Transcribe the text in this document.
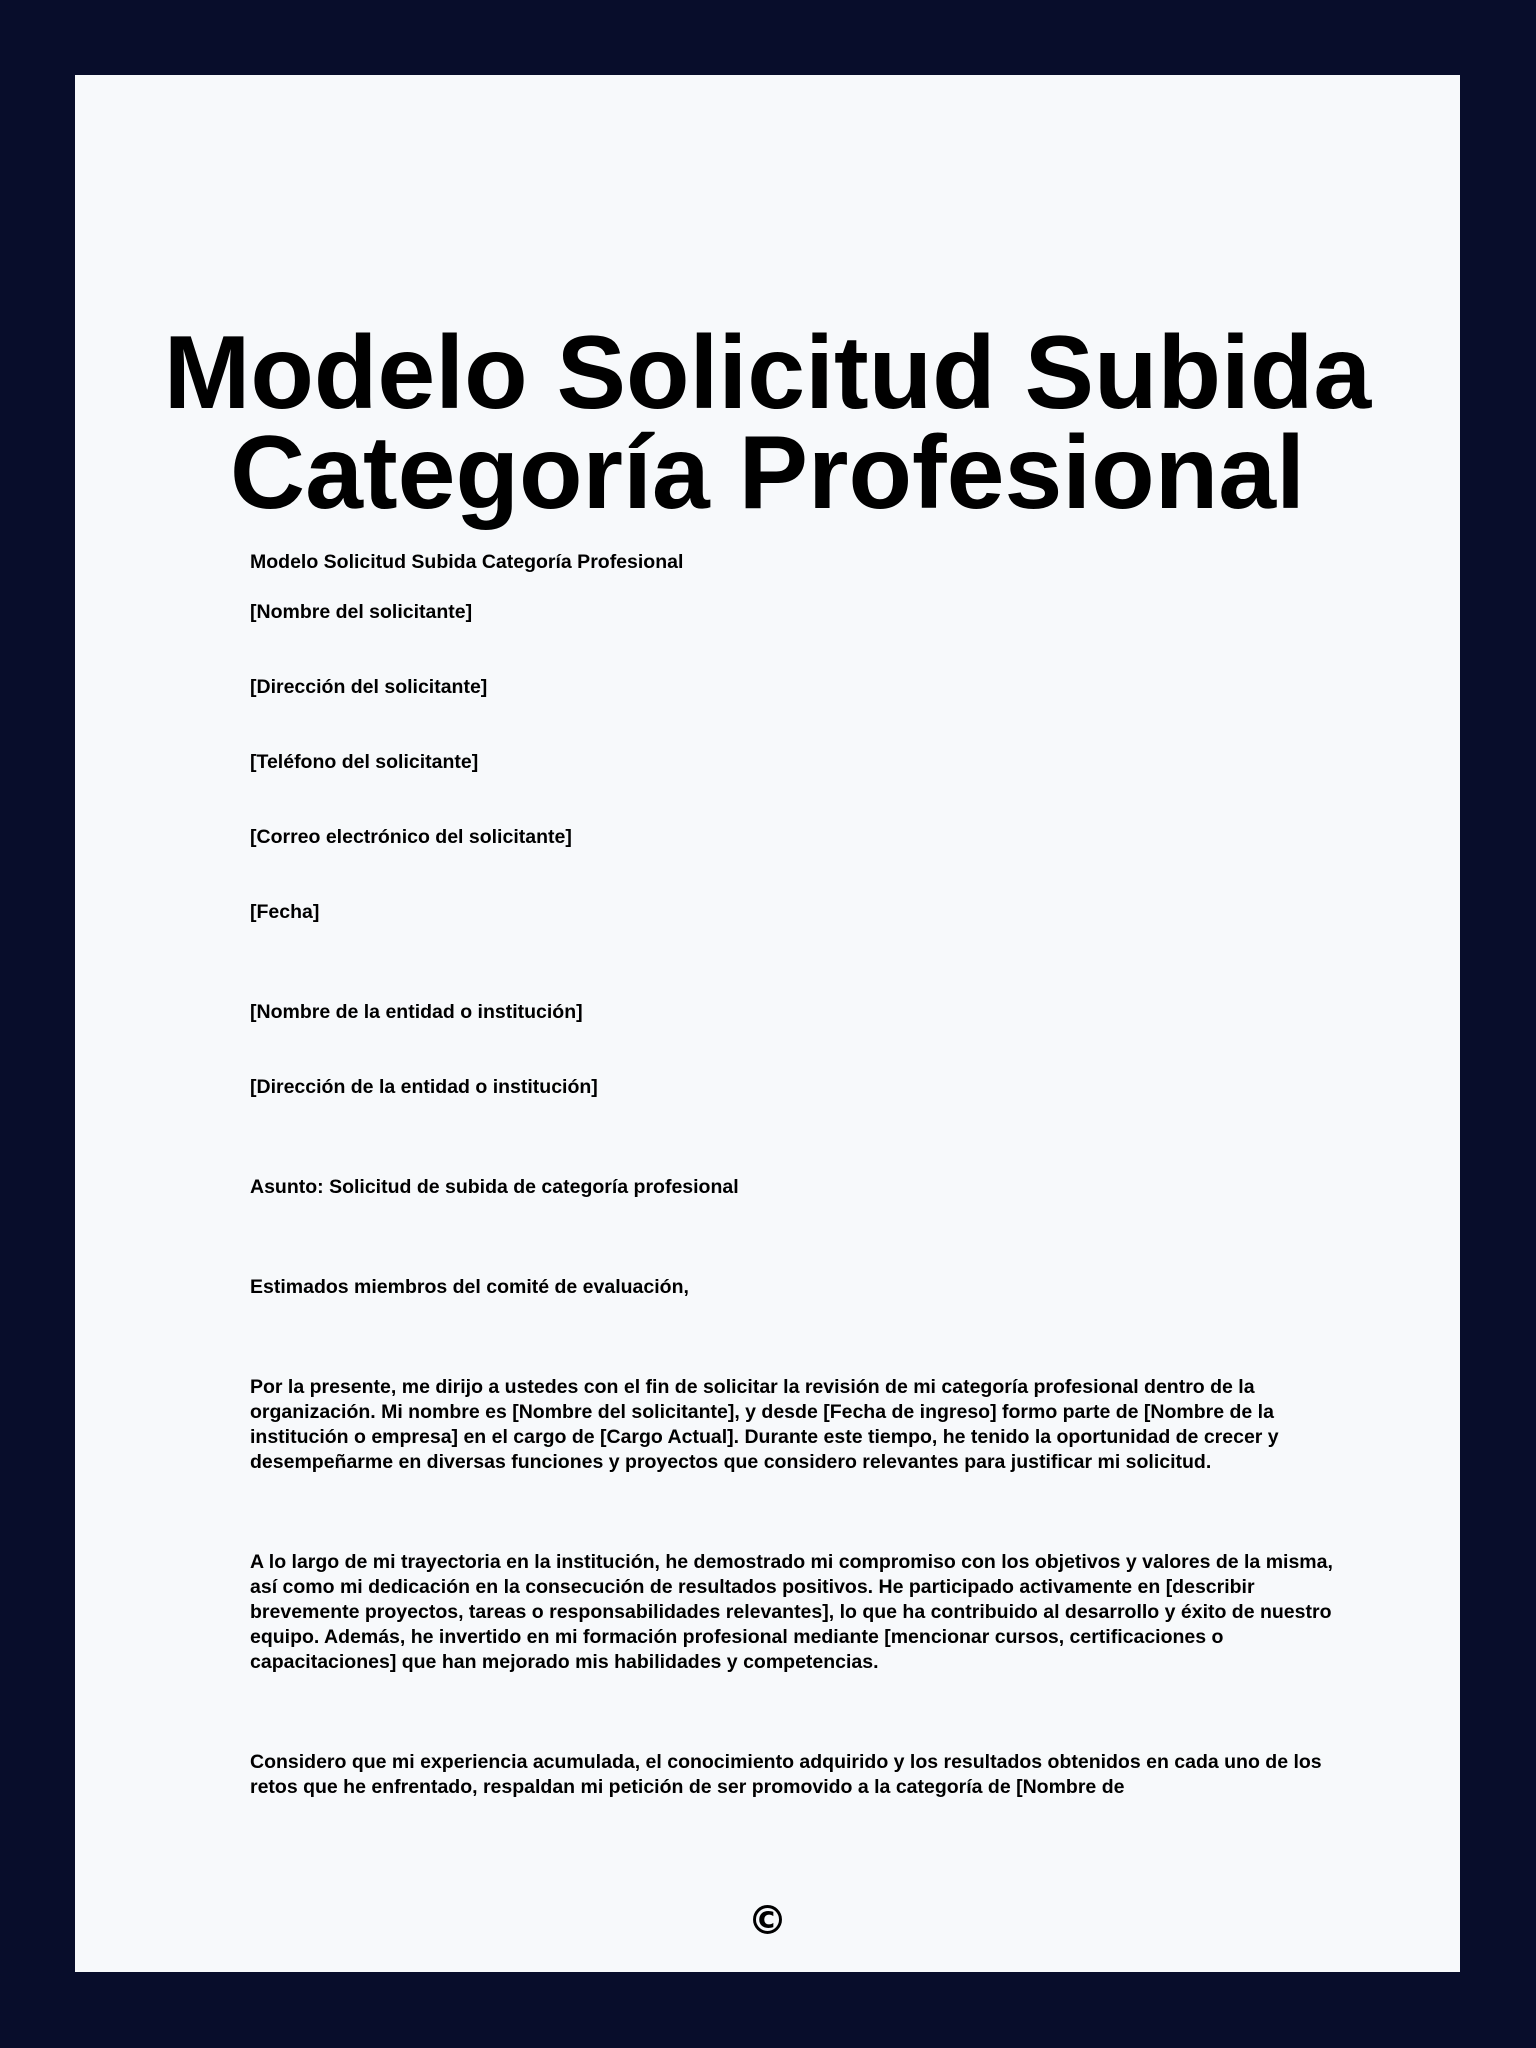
Modelo Solicitud Subida
Categoría Profesional

Modelo Solicitud Subida Categoría Profesional

[Nombre del solicitante]

[Dirección del solicitante]

[Teléfono del solicitante]

[Correo electrónico del solicitante]

[Fecha]

[Nombre de la entidad o institución]

[Dirección de la entidad o institución]

Asunto: Solicitud de subida de categoría profesional

Estimados miembros del comité de evaluación,

Por la presente, me dirijo a ustedes con el fin de solicitar la revisión de mi categoría profesional dentro de la organización. Mi nombre es [Nombre del solicitante], y desde [Fecha de ingreso] formo parte de [Nombre de la institución o empresa] en el cargo de [Cargo Actual]. Durante este tiempo, he tenido la oportunidad de crecer y desempeñarme en diversas funciones y proyectos que considero relevantes para justificar mi solicitud.

A lo largo de mi trayectoria en la institución, he demostrado mi compromiso con los objetivos y valores de la misma, así como mi dedicación en la consecución de resultados positivos. He participado activamente en [describir brevemente proyectos, tareas o responsabilidades relevantes], lo que ha contribuido al desarrollo y éxito de nuestro equipo. Además, he invertido en mi formación profesional mediante [mencionar cursos, certificaciones o capacitaciones] que han mejorado mis habilidades y competencias.

Considero que mi experiencia acumulada, el conocimiento adquirido y los resultados obtenidos en cada uno de los retos que he enfrentado, respaldan mi petición de ser promovido a la categoría de [Nombre de

©
